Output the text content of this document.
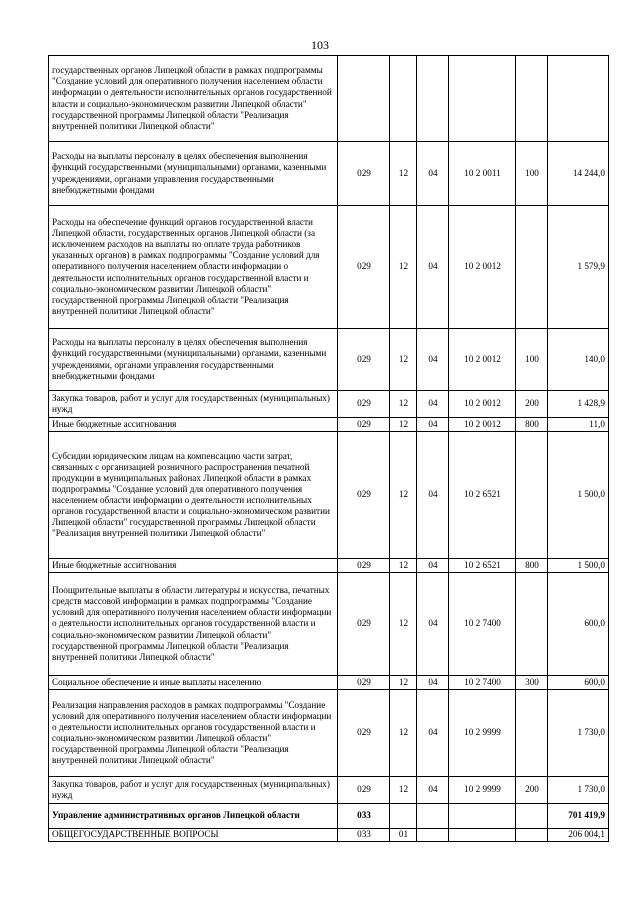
103
государственных органов Липецкой области в рамках подпрограммы "Создание условий для оперативного получения населением области информации о деятельности исполнительных органов государственной власти и социально-экономическом развитии Липецкой области" государственной программы Липецкой области "Реализация внутренней политики Липецкой области"						
Расходы на выплаты персоналу в целях обеспечения выполнения функций государственными (муниципальными) органами, казенными учреждениями, органами управления государственными внебюджетными фондами	029	12	04	10 2 0011	100	14 244,0
Расходы на обеспечение функций органов государственной власти Липецкой области, государственных органов Липецкой области (за исключением расходов на выплаты по оплате труда работников указанных органов) в рамках подпрограммы "Создание условий для оперативного получения населением области информации о деятельности исполнительных органов государственной власти и социально-экономическом развитии Липецкой области" государственной программы Липецкой области "Реализация внутренней политики Липецкой области"	029	12	04	10 2 0012		1 579,9
Расходы на выплаты персоналу в целях обеспечения выполнения функций государственными (муниципальными) органами, казенными учреждениями, органами управления государственными внебюджетными фондами	029	12	04	10 2 0012	100	140,0
Закупка товаров, работ и услуг для государственных (муниципальных) нужд	029	12	04	10 2 0012	200	1 428,9
Иные бюджетные ассигнования	029	12	04	10 2 0012	800	11,0
Субсидии юридическим лицам на компенсацию части затрат, связанных с организацией розничного распространения печатной продукции в муниципальных районах Липецкой области в рамках подпрограммы "Создание условий для оперативного получения населением области информации о деятельности исполнительных органов государственной власти и социально-экономическом развитии Липецкой области" государственной программы Липецкой области "Реализация внутренней политики Липецкой области"	029	12	04	10 2 6521		1 500,0
Иные бюджетные ассигнования	029	12	04	10 2 6521	800	1 500,0
Поощрительные выплаты в области литературы и искусства, печатных средств массовой информации в рамках подпрограммы "Создание условий для оперативного получения населением области информации о деятельности исполнительных органов государственной власти и социально-экономическом развитии Липецкой области" государственной программы Липецкой области "Реализация внутренней политики Липецкой области"	029	12	04	10 2 7400		600,0
Социальное обеспечение и иные выплаты населению	029	12	04	10 2 7400	300	600,0
Реализация направления расходов в рамках подпрограммы "Создание условий для оперативного получения населением области информации о деятельности исполнительных органов государственной власти и социально-экономическом развитии Липецкой области" государственной программы Липецкой области "Реализация внутренней политики Липецкой области"	029	12	04	10 2 9999		1 730,0
Закупка товаров, работ и услуг для государственных (муниципальных) нужд	029	12	04	10 2 9999	200	1 730,0
Управление административных органов Липецкой области	033					701 419,9
ОБЩЕГОСУДАРСТВЕННЫЕ ВОПРОСЫ	033	01				206 004,1
